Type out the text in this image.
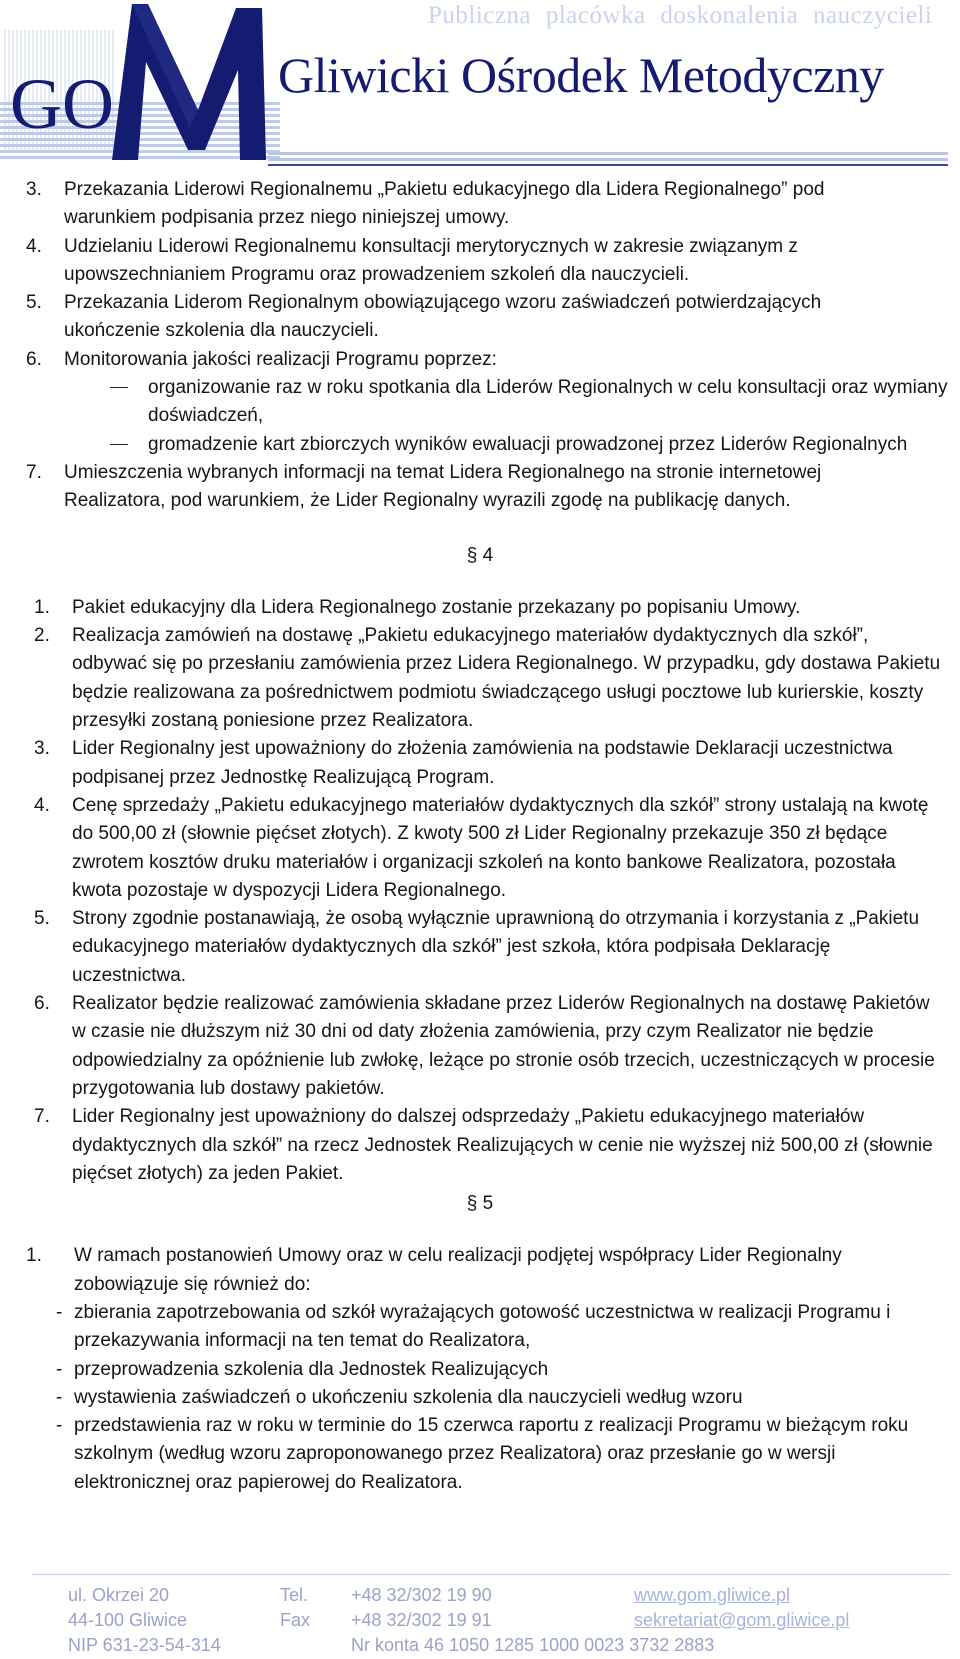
GO
Publiczna placówka doskonalenia nauczycieli
Gliwicki Ośrodek Metodyczny
3. Przekazania Liderowi Regionalnemu „Pakietu edukacyjnego dla Lidera Regionalnego” pod warunkiem podpisania przez niego niniejszej umowy.
4. Udzielaniu Liderowi Regionalnemu konsultacji merytorycznych w zakresie związanym z upowszechnianiem Programu oraz prowadzeniem szkoleń dla nauczycieli.
5. Przekazania Liderom Regionalnym obowiązującego wzoru zaświadczeń potwierdzających ukończenie szkolenia dla nauczycieli.
6. Monitorowania jakości realizacji Programu poprzez:
organizowanie raz w roku spotkania dla Liderów Regionalnych w celu konsultacji oraz wymiany doświadczeń,
gromadzenie kart zbiorczych wyników ewaluacji prowadzonej przez Liderów Regionalnych
7. Umieszczenia wybranych informacji na temat Lidera Regionalnego na stronie internetowej Realizatora, pod warunkiem, że Lider Regionalny wyrazili zgodę na publikację danych.
§ 4
1. Pakiet edukacyjny dla Lidera Regionalnego zostanie przekazany po popisaniu Umowy.
2. Realizacja zamówień na dostawę „Pakietu edukacyjnego materiałów dydaktycznych dla szkół”, odbywać się po przesłaniu zamówienia przez Lidera Regionalnego. W przypadku, gdy dostawa Pakietu będzie realizowana za pośrednictwem podmiotu świadczącego usługi pocztowe lub kurierskie, koszty przesyłki zostaną poniesione przez Realizatora.
3. Lider Regionalny jest upoważniony do złożenia zamówienia na podstawie Deklaracji uczestnictwa podpisanej przez Jednostkę Realizującą Program.
4. Cenę sprzedaży „Pakietu edukacyjnego materiałów dydaktycznych dla szkół” strony ustalają na kwotę do 500,00 zł (słownie pięćset złotych). Z kwoty 500 zł Lider Regionalny przekazuje 350 zł będące zwrotem kosztów druku materiałów i organizacji szkoleń na konto bankowe Realizatora, pozostała kwota pozostaje w dyspozycji Lidera Regionalnego.
5. Strony zgodnie postanawiają, że osobą wyłącznie uprawnioną do otrzymania i korzystania z „Pakietu edukacyjnego materiałów dydaktycznych dla szkół” jest szkoła, która podpisała Deklarację uczestnictwa.
6. Realizator będzie realizować zamówienia składane przez Liderów Regionalnych na dostawę Pakietów w czasie nie dłuższym niż 30 dni od daty złożenia zamówienia, przy czym Realizator nie będzie odpowiedzialny za opóźnienie lub zwłokę, leżące po stronie osób trzecich, uczestniczących w procesie przygotowania lub dostawy pakietów.
7. Lider Regionalny jest upoważniony do dalszej odsprzedaży „Pakietu edukacyjnego materiałów dydaktycznych dla szkół” na rzecz Jednostek Realizujących w cenie nie wyższej niż 500,00 zł (słownie pięćset złotych) za jeden Pakiet.
§ 5
1. W ramach postanowień Umowy oraz w celu realizacji podjętej współpracy Lider Regionalny zobowiązuje się również do:
- zbierania zapotrzebowania od szkół wyrażających gotowość uczestnictwa w realizacji Programu i przekazywania informacji na ten temat do Realizatora,
- przeprowadzenia szkolenia dla Jednostek Realizujących
- wystawienia zaświadczeń o ukończeniu szkolenia dla nauczycieli według wzoru
- przedstawienia raz w roku w terminie do 15 czerwca raportu z realizacji Programu w bieżącym roku szkolnym (według wzoru zaproponowanego przez Realizatora) oraz przesłanie go w wersji elektronicznej oraz papierowej do Realizatora.
ul. Okrzei 20
44-100 Gliwice
NIP 631-23-54-314
Tel.
Fax
+48 32/302 19 90
+48 32/302 19 91
Nr konta 46 1050 1285 1000 0023 3732 2883
www.gom.gliwice.pl
sekretariat@gom.gliwice.pl
